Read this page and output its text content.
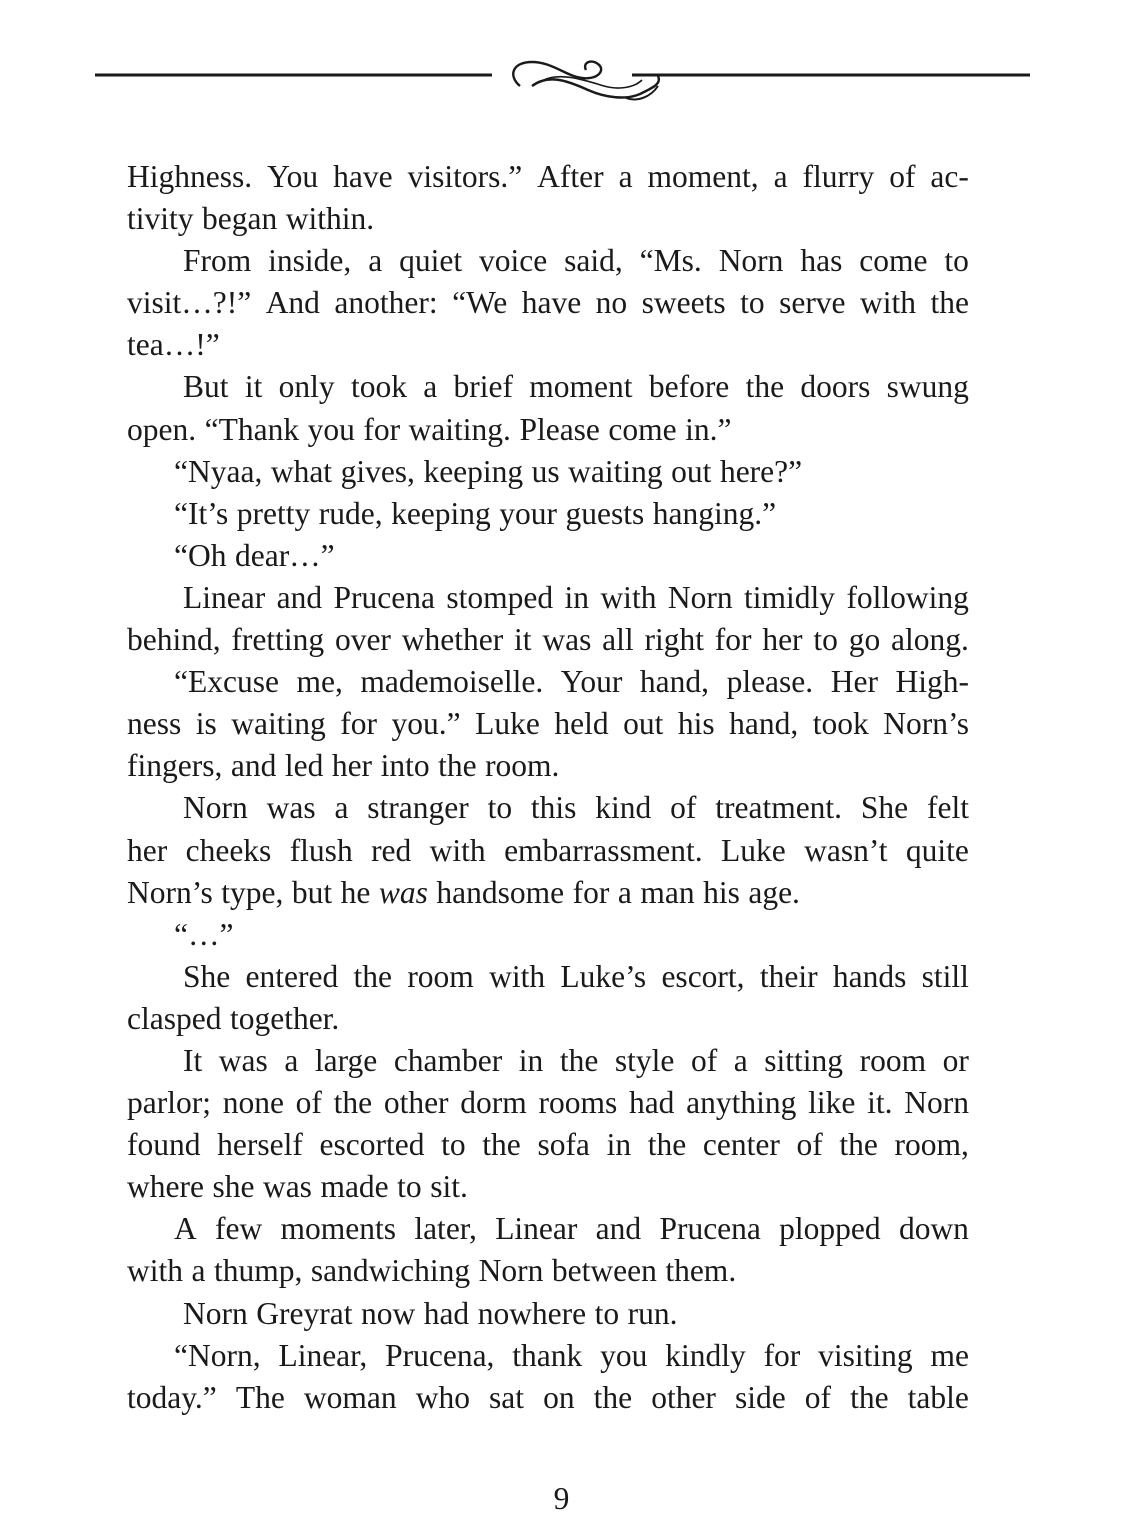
Highness. You have visitors.” After a moment, a flurry of ac-
tivity began within.
From inside, a quiet voice said, “Ms. Norn has come to
visit…?!” And another: “We have no sweets to serve with the
tea…!”
But it only took a brief moment before the doors swung
open. “Thank you for waiting. Please come in.”
“Nyaa, what gives, keeping us waiting out here?”
“It’s pretty rude, keeping your guests hanging.”
“Oh dear…”
Linear and Prucena stomped in with Norn timidly following
behind, fretting over whether it was all right for her to go along.
“Excuse me, mademoiselle. Your hand, please. Her High-
ness is waiting for you.” Luke held out his hand, took Norn’s
fingers, and led her into the room.
Norn was a stranger to this kind of treatment. She felt
her cheeks flush red with embarrassment. Luke wasn’t quite
Norn’s type, but he was handsome for a man his age.
“…”
She entered the room with Luke’s escort, their hands still
clasped together.
It was a large chamber in the style of a sitting room or
parlor; none of the other dorm rooms had anything like it. Norn
found herself escorted to the sofa in the center of the room,
where she was made to sit.
A few moments later, Linear and Prucena plopped down
with a thump, sandwiching Norn between them.
Norn Greyrat now had nowhere to run.
“Norn, Linear, Prucena, thank you kindly for visiting me
today.” The woman who sat on the other side of the table
9
